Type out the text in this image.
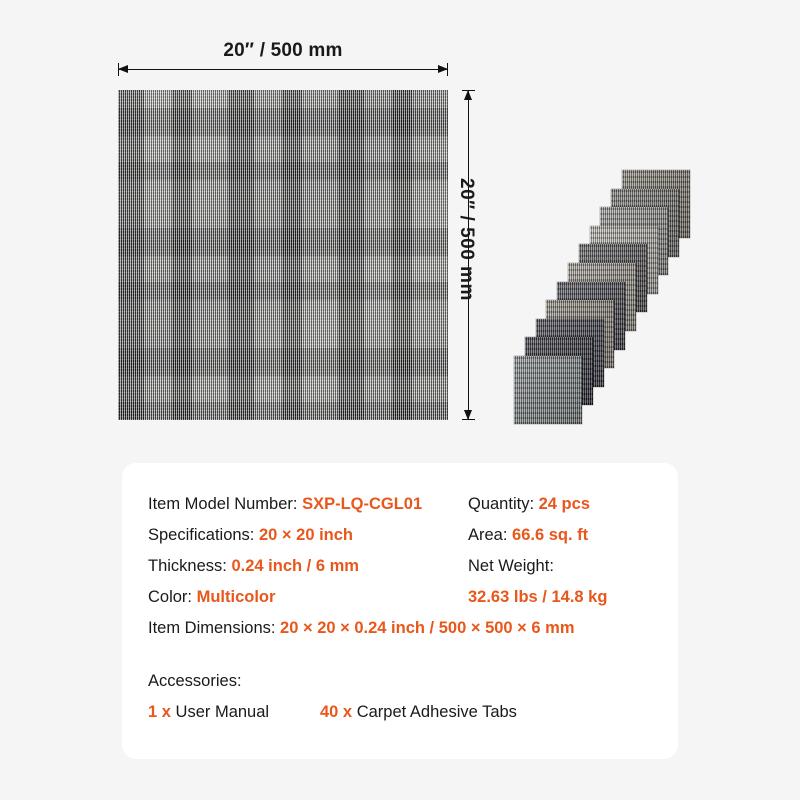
20″ / 500 mm
20″ / 500 mm
Item Model Number: SXP-LQ-CGL01	Quantity: 24 pcs
Specifications: 20 × 20 inch	Area: 66.6 sq. ft
Thickness: 0.24 inch / 6 mm	Net Weight:
Color: Multicolor	32.63 lbs / 14.8 kg
Item Dimensions: 20 × 20 × 0.24 inch / 500 × 500 × 6 mm
Accessories:
1 x User Manual	40 x Carpet Adhesive Tabs
